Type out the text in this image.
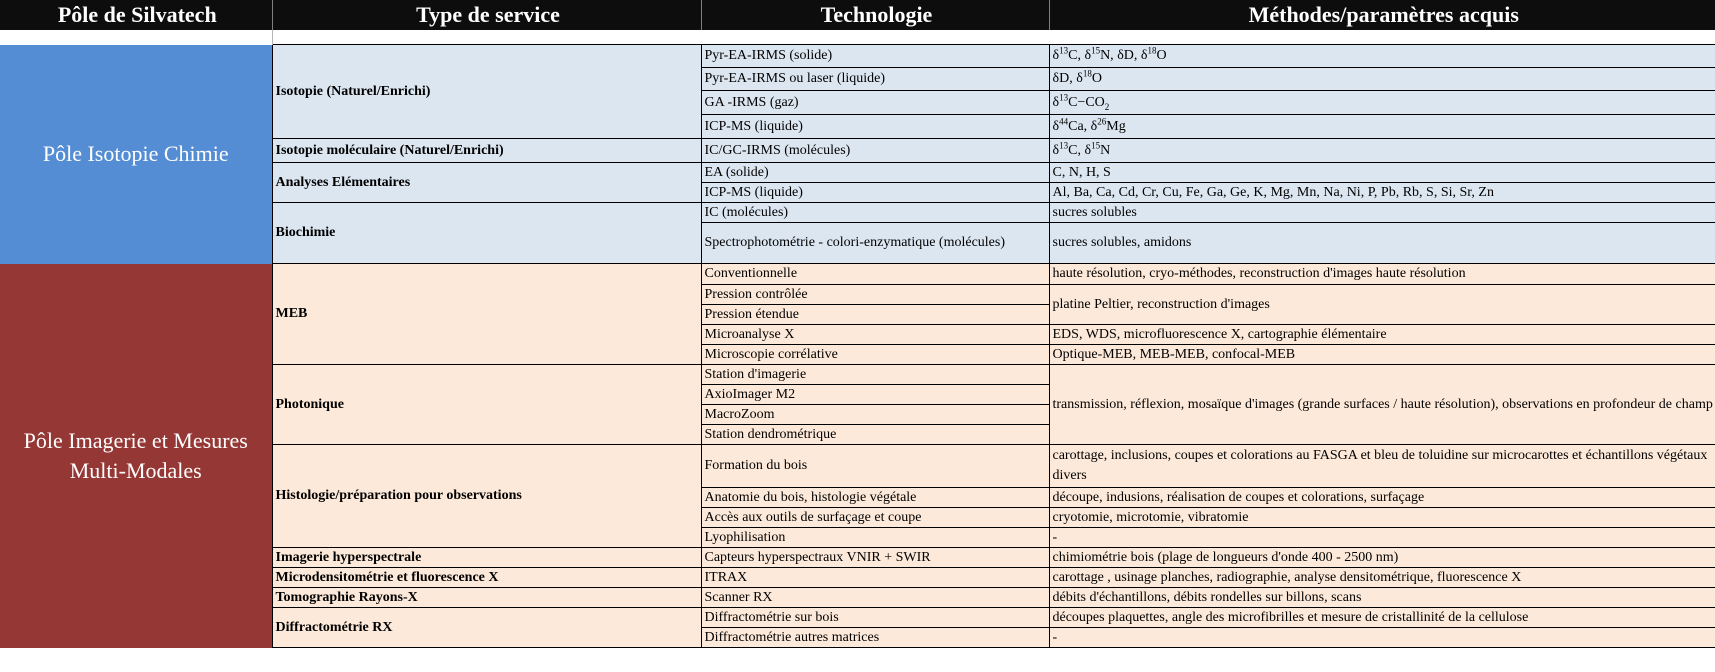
Pôle de Silvatech	Type de service	Technologie	Méthodes/paramètres acquis

Pôle Isotopie Chimie	Isotopie (Naturel/Enrichi)	Pyr-EA-IRMS (solide)	$\delta^{13}C$, $\delta^{15}N$, δD, $\delta^{18}O$
		Pyr-EA-IRMS ou laser (liquide)	δD, $\delta^{18}O$
		GA -IRMS (gaz)	$\delta^{13}C-CO_2$
		ICP-MS (liquide)	$\delta^{44}Ca$, $\delta^{26}Mg$
	Isotopie moléculaire (Naturel/Enrichi)	IC/GC-IRMS (molécules)	$\delta^{13}C$, $\delta^{15}N$
	Analyses Elémentaires	EA (solide)	C, N, H, S
		ICP-MS (liquide)	Al, Ba, Ca, Cd, Cr, Cu, Fe, Ga, Ge, K, Mg, Mn, Na, Ni, P, Pb, Rb, S, Si, Sr, Zn
	Biochimie	IC (molécules)	sucres solubles
		Spectrophotométrie - colori-enzymatique (molécules)	sucres solubles, amidons
Pôle Imagerie et Mesures Multi-Modales	MEB	Conventionnelle	haute résolution, cryo-méthodes, reconstruction d'images haute résolution
		Pression contrôlée	platine Peltier, reconstruction d'images
		Pression étendue	
		Microanalyse X	EDS, WDS, microfluorescence X, cartographie élémentaire
		Microscopie corrélative	Optique-MEB, MEB-MEB, confocal-MEB
	Photonique	Station d'imagerie	transmission, réflexion, mosaïque d'images (grande surfaces / haute résolution), observations en profondeur de champ
		AxioImager M2	
		MacroZoom	
		Station dendrométrique	
	Histologie/préparation pour observations	Formation du bois	carottage, inclusions, coupes et colorations au FASGA et bleu de toluidine sur microcarottes et échantillons végétaux divers
		Anatomie du bois, histologie végétale	découpe, indusions, réalisation de coupes et colorations, surfaçage
		Accès aux outils de surfaçage et coupe	cryotomie, microtomie, vibratomie
		Lyophilisation	-
	Imagerie hyperspectrale	Capteurs hyperspectraux VNIR + SWIR	chimiométrie bois (plage de longueurs d'onde 400 - 2500 nm)
	Microdensitométrie et fluorescence X	ITRAX	carottage , usinage planches, radiographie, analyse densitométrique, fluorescence X
	Tomographie Rayons-X	Scanner RX	débits d'échantillons, débits rondelles sur billons, scans
	Diffractométrie RX	Diffractométrie sur bois	découpes plaquettes, angle des microfibrilles et mesure de cristallinité de la cellulose
		Diffractométrie autres matrices	-
